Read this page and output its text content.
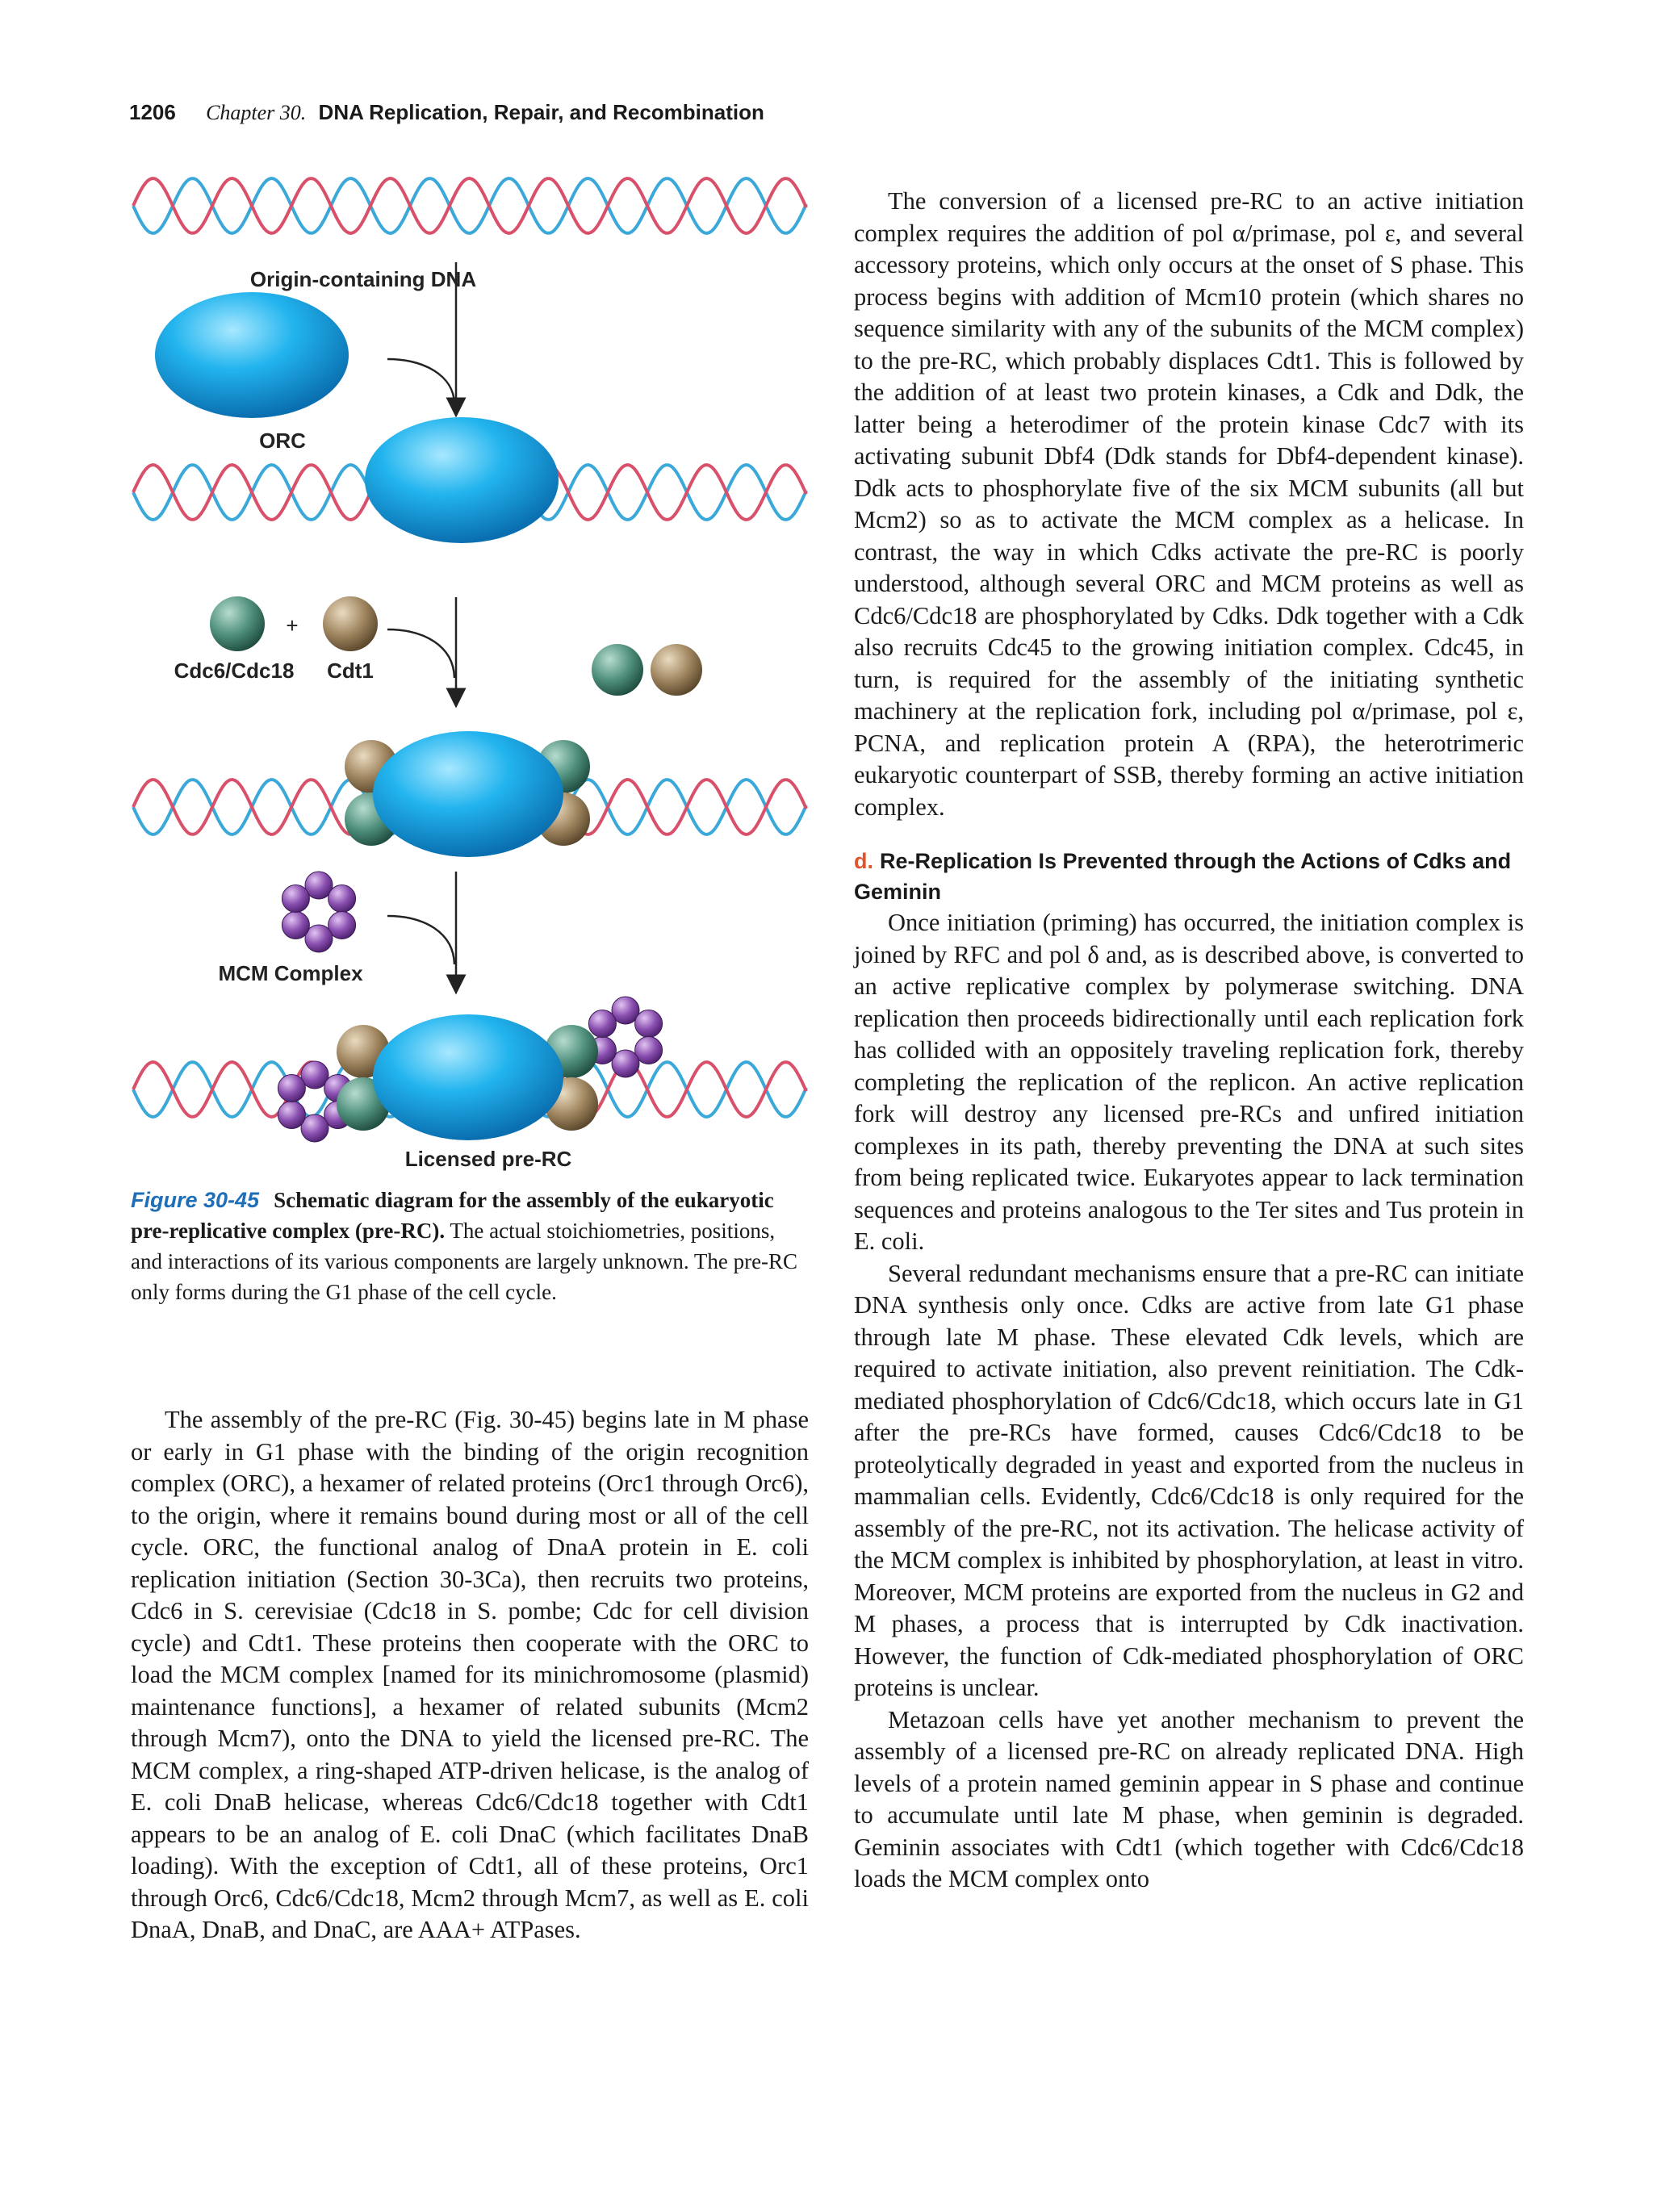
1206 Chapter 30. DNA Replication, Repair, and Recombination
Origin-containing DNA
ORC
+
Cdc6/Cdc18 Cdt1
MCM Complex
Licensed pre-RC
Figure 30-45 Schematic diagram for the assembly of the eukaryotic pre-replicative complex (pre-RC). The actual stoichiometries, positions, and interactions of its various components are largely unknown. The pre-RC only forms during the G1 phase of the cell cycle.

The assembly of the pre-RC (Fig. 30-45) begins late in M phase or early in G1 phase with the binding of the origin recognition complex (ORC), a hexamer of related proteins (Orc1 through Orc6), to the origin, where it remains bound during most or all of the cell cycle. ORC, the functional analog of DnaA protein in E. coli replication initiation (Section 30-3Ca), then recruits two proteins, Cdc6 in S. cerevisiae (Cdc18 in S. pombe; Cdc for cell division cycle) and Cdt1. These proteins then cooperate with the ORC to load the MCM complex [named for its minichromosome (plasmid) maintenance functions], a hexamer of related subunits (Mcm2 through Mcm7), onto the DNA to yield the licensed pre-RC. The MCM complex, a ring-shaped ATP-driven helicase, is the analog of E. coli DnaB helicase, whereas Cdc6/Cdc18 together with Cdt1 appears to be an analog of E. coli DnaC (which facilitates DnaB loading). With the exception of Cdt1, all of these proteins, Orc1 through Orc6, Cdc6/Cdc18, Mcm2 through Mcm7, as well as E. coli DnaA, DnaB, and DnaC, are AAA+ ATPases.

The conversion of a licensed pre-RC to an active initiation complex requires the addition of pol α/primase, pol ε, and several accessory proteins, which only occurs at the onset of S phase. This process begins with addition of Mcm10 protein (which shares no sequence similarity with any of the subunits of the MCM complex) to the pre-RC, which probably displaces Cdt1. This is followed by the addition of at least two protein kinases, a Cdk and Ddk, the latter being a heterodimer of the protein kinase Cdc7 with its activating subunit Dbf4 (Ddk stands for Dbf4-dependent kinase). Ddk acts to phosphorylate five of the six MCM subunits (all but Mcm2) so as to activate the MCM complex as a helicase. In contrast, the way in which Cdks activate the pre-RC is poorly understood, although several ORC and MCM proteins as well as Cdc6/Cdc18 are phosphorylated by Cdks. Ddk together with a Cdk also recruits Cdc45 to the growing initiation complex. Cdc45, in turn, is required for the assembly of the initiating synthetic machinery at the replication fork, including pol α/primase, pol ε, PCNA, and replication protein A (RPA), the heterotrimeric eukaryotic counterpart of SSB, thereby forming an active initiation complex.

d. Re-Replication Is Prevented through the Actions of Cdks and Geminin

Once initiation (priming) has occurred, the initiation complex is joined by RFC and pol δ and, as is described above, is converted to an active replicative complex by polymerase switching. DNA replication then proceeds bidirectionally until each replication fork has collided with an oppositely traveling replication fork, thereby completing the replication of the replicon. An active replication fork will destroy any licensed pre-RCs and unfired initiation complexes in its path, thereby preventing the DNA at such sites from being replicated twice. Eukaryotes appear to lack termination sequences and proteins analogous to the Ter sites and Tus protein in E. coli.

Several redundant mechanisms ensure that a pre-RC can initiate DNA synthesis only once. Cdks are active from late G1 phase through late M phase. These elevated Cdk levels, which are required to activate initiation, also prevent reinitiation. The Cdk-mediated phosphorylation of Cdc6/Cdc18, which occurs late in G1 after the pre-RCs have formed, causes Cdc6/Cdc18 to be proteolytically degraded in yeast and exported from the nucleus in mammalian cells. Evidently, Cdc6/Cdc18 is only required for the assembly of the pre-RC, not its activation. The helicase activity of the MCM complex is inhibited by phosphorylation, at least in vitro. Moreover, MCM proteins are exported from the nucleus in G2 and M phases, a process that is interrupted by Cdk inactivation. However, the function of Cdk-mediated phosphorylation of ORC proteins is unclear.

Metazoan cells have yet another mechanism to prevent the assembly of a licensed pre-RC on already replicated DNA. High levels of a protein named geminin appear in S phase and continue to accumulate until late M phase, when geminin is degraded. Geminin associates with Cdt1 (which together with Cdc6/Cdc18 loads the MCM complex onto
